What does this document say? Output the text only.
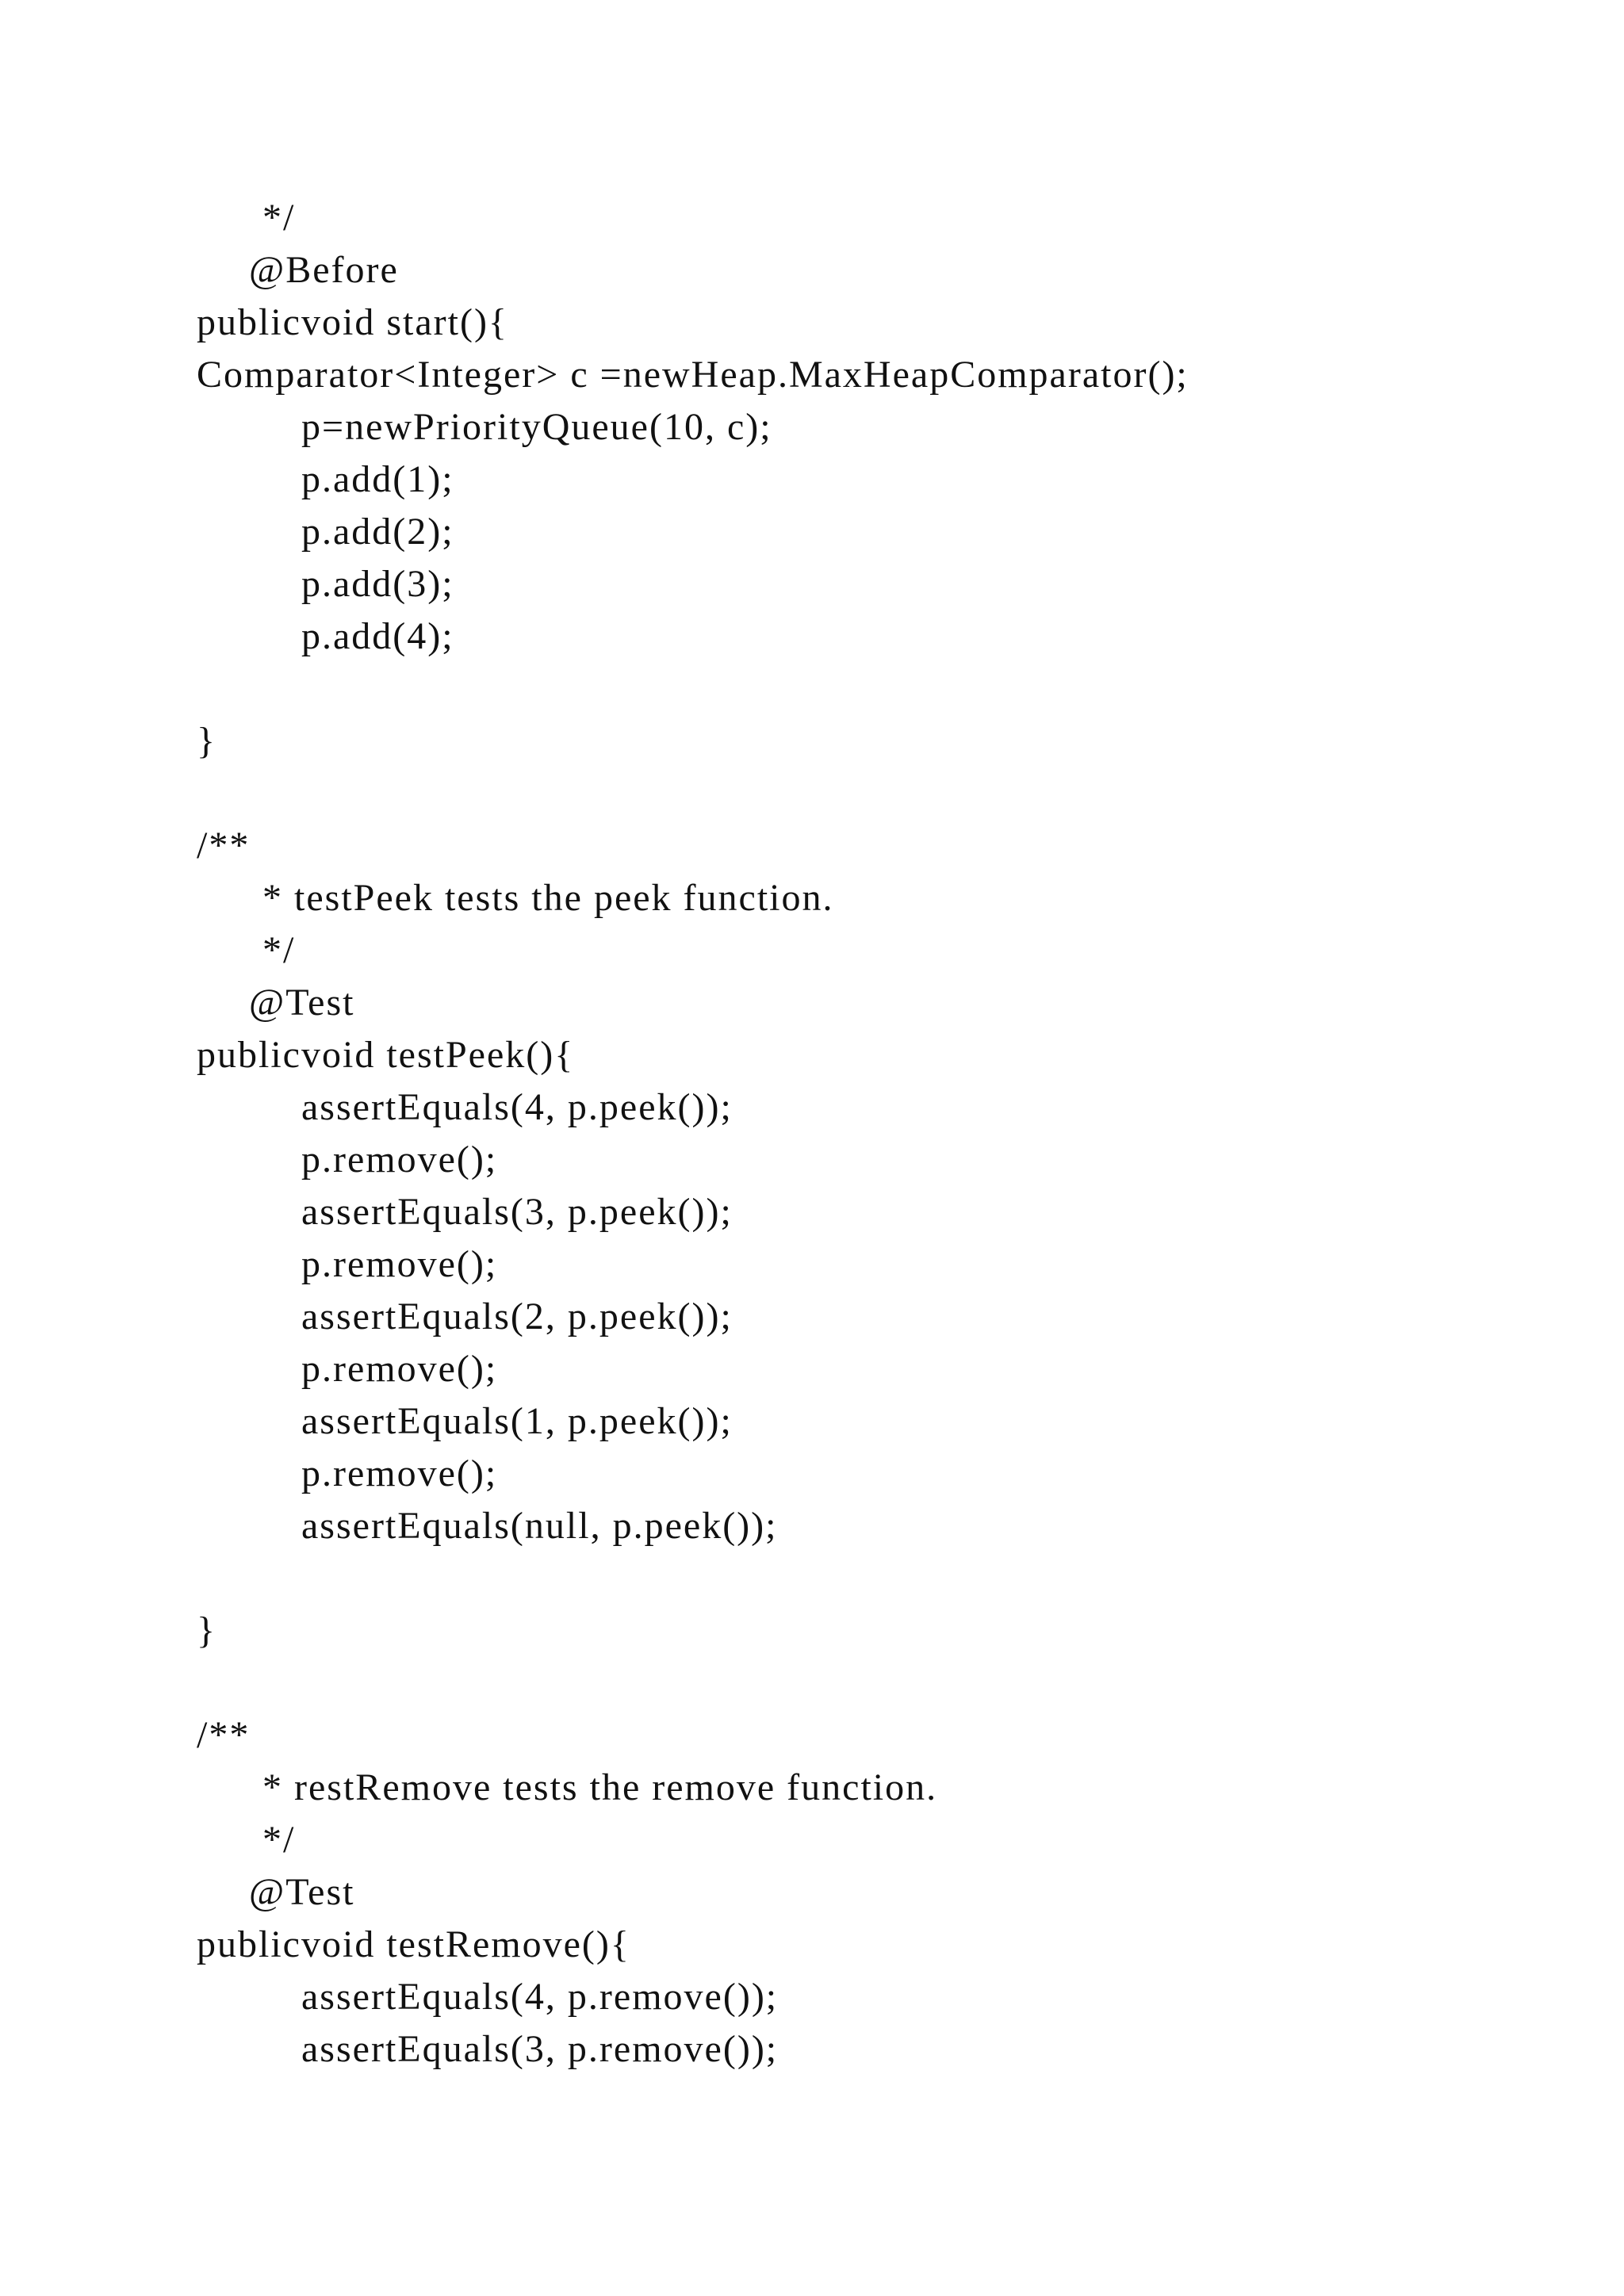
*/

@Before

publicvoid start(){

Comparator<Integer> c =newHeap.MaxHeapComparator();

p=newPriorityQueue(10, c);

p.add(1);

p.add(2);

p.add(3);

p.add(4);

}

/**

* testPeek tests the peek function.

*/

@Test

publicvoid testPeek(){

assertEquals(4, p.peek());

p.remove();

assertEquals(3, p.peek());

p.remove();

assertEquals(2, p.peek());

p.remove();

assertEquals(1, p.peek());

p.remove();

assertEquals(null, p.peek());

}

/**

* restRemove tests the remove function.

*/

@Test

publicvoid testRemove(){

assertEquals(4, p.remove());

assertEquals(3, p.remove());
